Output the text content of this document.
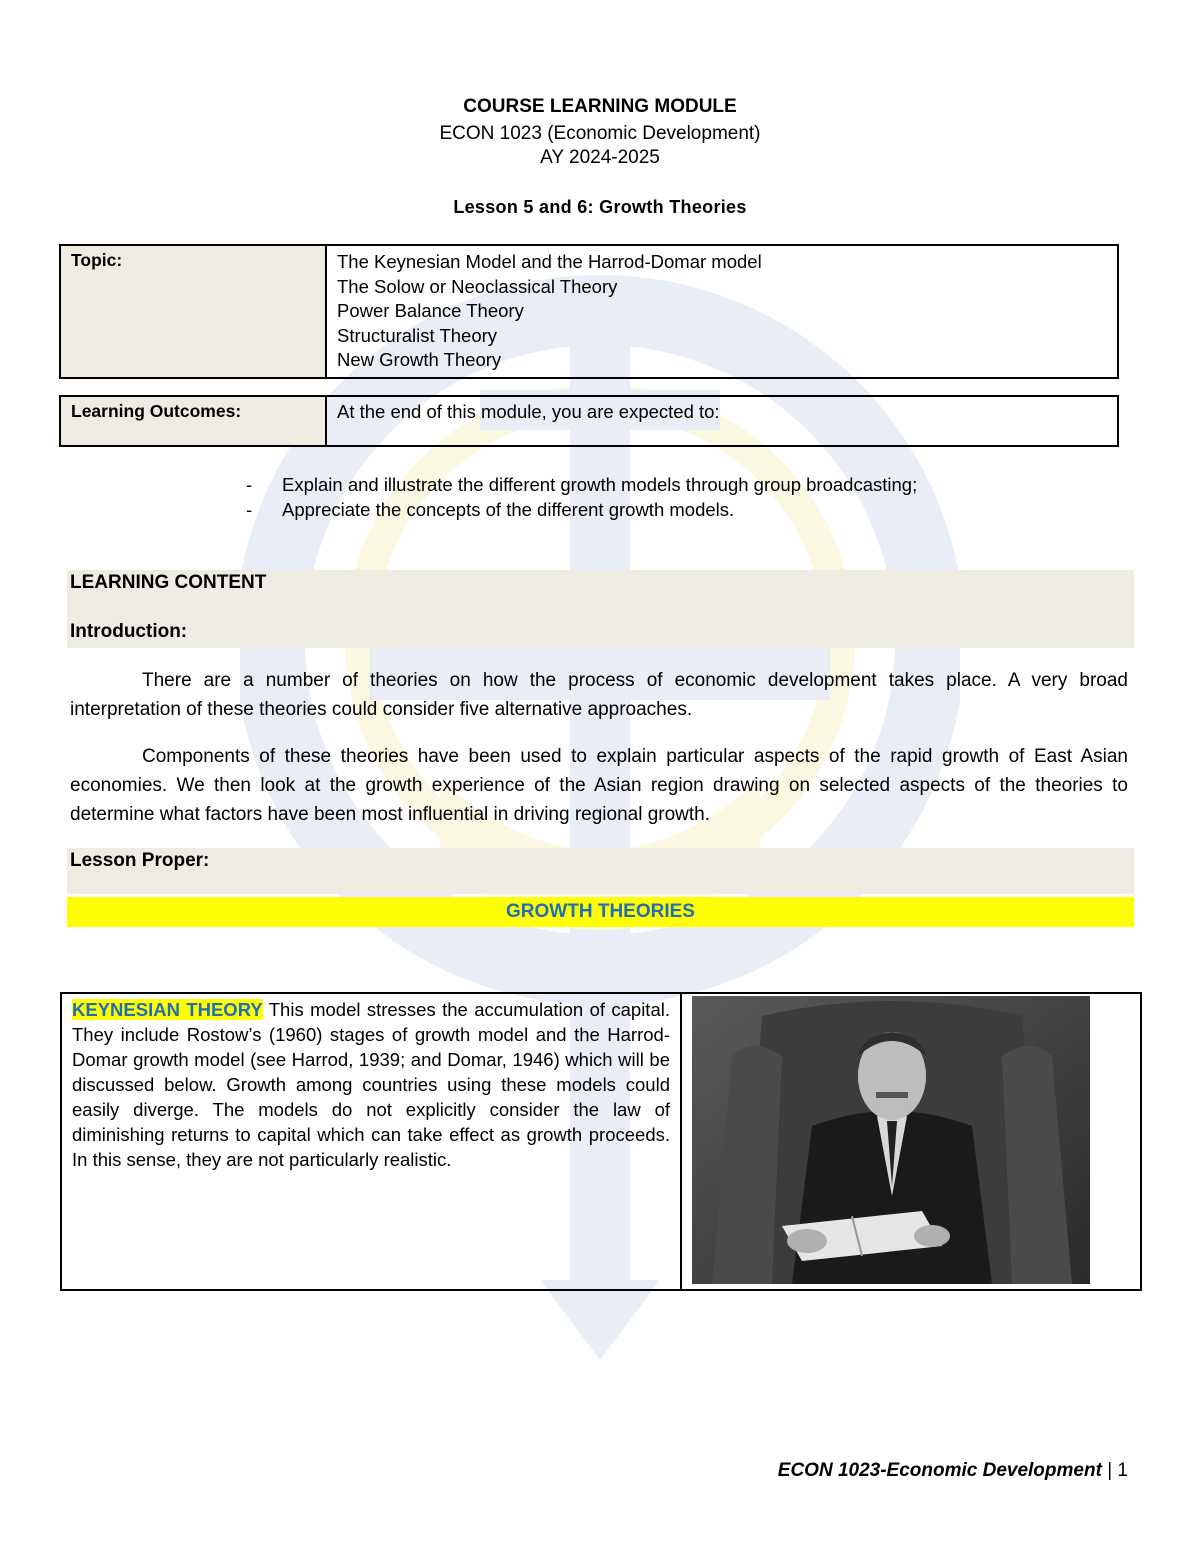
COURSE LEARNING MODULE
ECON 1023 (Economic Development)
AY 2024-2025
Lesson 5 and 6: Growth Theories
Topic:	The Keynesian Model and the Harrod-Domar model
The Solow or Neoclassical Theory
Power Balance Theory
Structuralist Theory
New Growth Theory
Learning Outcomes:	At the end of this module, you are expected to:
-	Explain and illustrate the different growth models through group broadcasting;
-	Appreciate the concepts of the different growth models.
LEARNING CONTENT
Introduction:

There are a number of theories on how the process of economic development takes place. A very broad interpretation of these theories could consider five alternative approaches.

Components of these theories have been used to explain particular aspects of the rapid growth of East Asian economies. We then look at the growth experience of the Asian region drawing on selected aspects of the theories to determine what factors have been most influential in driving regional growth.

Lesson Proper:
GROWTH THEORIES
KEYNESIAN THEORY This model stresses the accumulation of capital. They include Rostow’s (1960) stages of growth model and the Harrod-Domar growth model (see Harrod, 1939; and Domar, 1946) which will be discussed below. Growth among countries using these models could easily diverge. The models do not explicitly consider the law of diminishing returns to capital which can take effect as growth proceeds. In this sense, they are not particularly realistic.	
ECON 1023-Economic Development | 1
